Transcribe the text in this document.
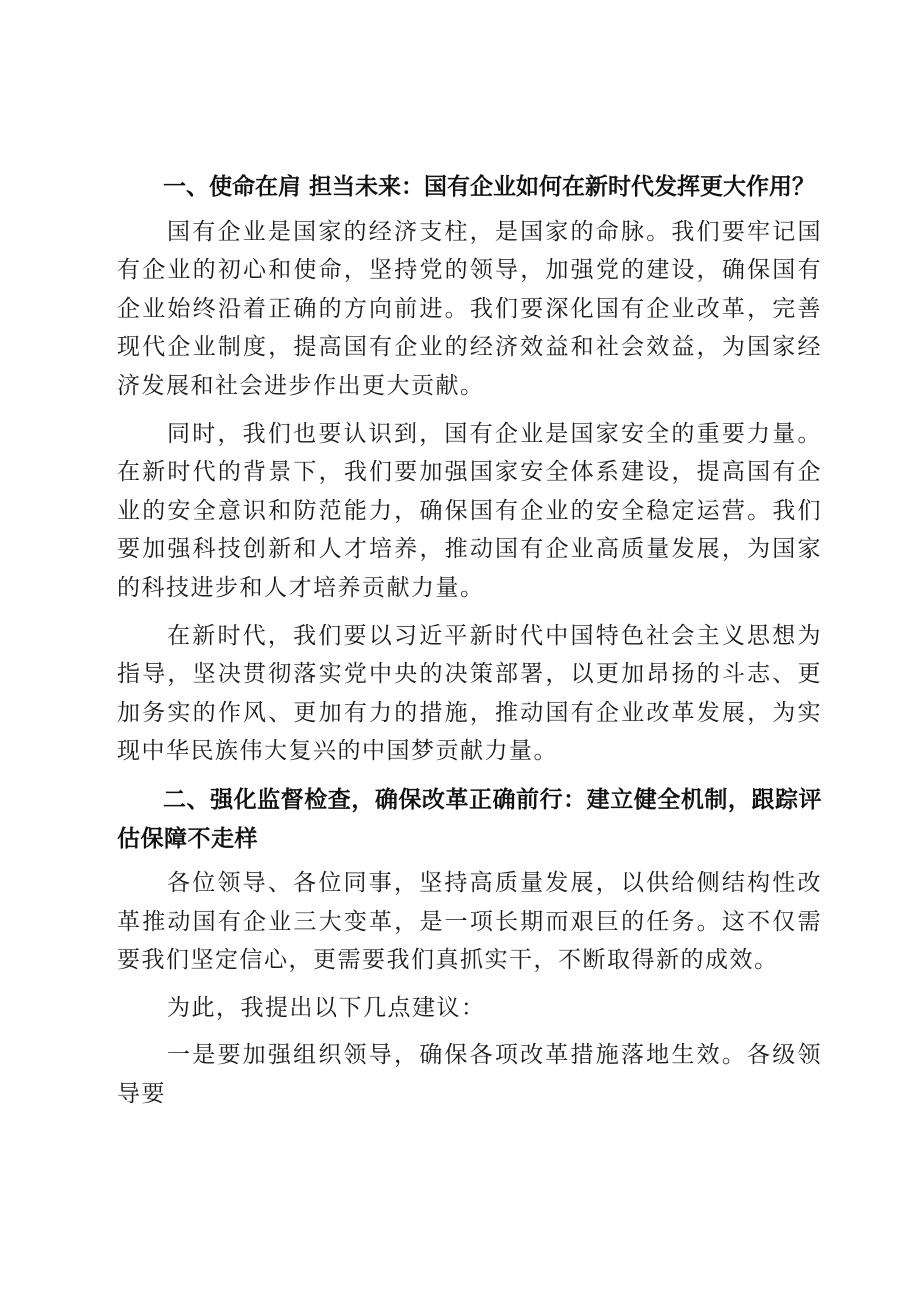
一、使命在肩 担当未来：国有企业如何在新时代发挥更大作用？

国有企业是国家的经济支柱，是国家的命脉。我们要牢记国有企业的初心和使命，坚持党的领导，加强党的建设，确保国有企业始终沿着正确的方向前进。我们要深化国有企业改革，完善现代企业制度，提高国有企业的经济效益和社会效益，为国家经济发展和社会进步作出更大贡献。

同时，我们也要认识到，国有企业是国家安全的重要力量。在新时代的背景下，我们要加强国家安全体系建设，提高国有企业的安全意识和防范能力，确保国有企业的安全稳定运营。我们要加强科技创新和人才培养，推动国有企业高质量发展，为国家的科技进步和人才培养贡献力量。

在新时代，我们要以习近平新时代中国特色社会主义思想为指导，坚决贯彻落实党中央的决策部署，以更加昂扬的斗志、更加务实的作风、更加有力的措施，推动国有企业改革发展，为实现中华民族伟大复兴的中国梦贡献力量。

二、强化监督检查，确保改革正确前行：建立健全机制，跟踪评估保障不走样

各位领导、各位同事，坚持高质量发展，以供给侧结构性改革推动国有企业三大变革，是一项长期而艰巨的任务。这不仅需要我们坚定信心，更需要我们真抓实干，不断取得新的成效。

为此，我提出以下几点建议：

一是要加强组织领导，确保各项改革措施落地生效。各级领导要
